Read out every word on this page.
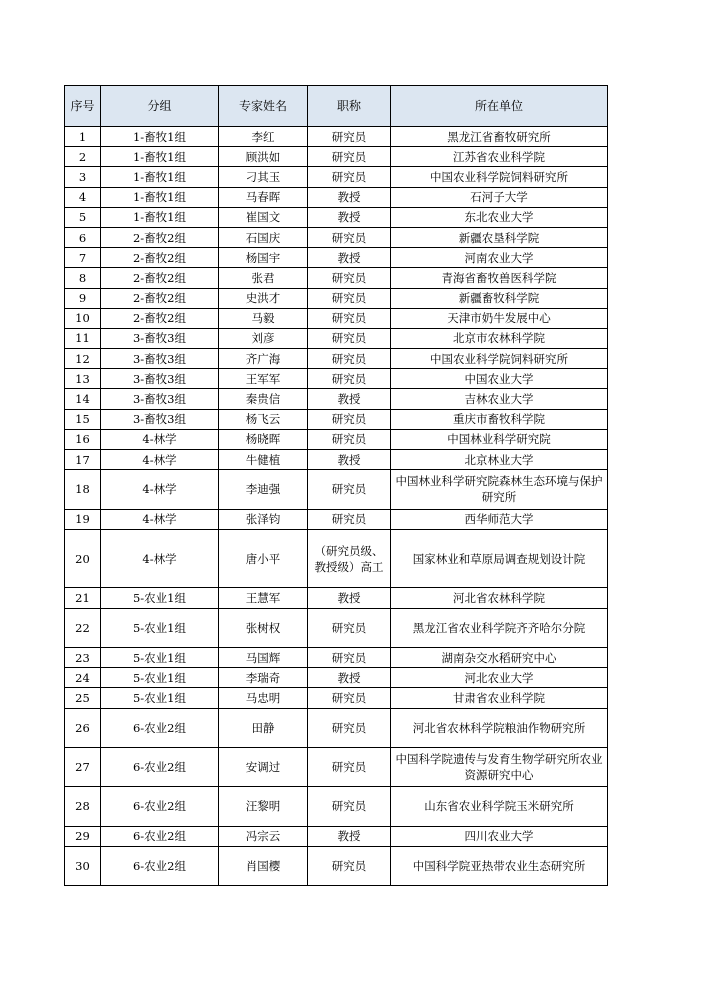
序号	分组	专家姓名	职称	所在单位
1	1-畜牧1组	李红	研究员	黑龙江省畜牧研究所
2	1-畜牧1组	顾洪如	研究员	江苏省农业科学院
3	1-畜牧1组	刁其玉	研究员	中国农业科学院饲料研究所
4	1-畜牧1组	马春晖	教授	石河子大学
5	1-畜牧1组	崔国文	教授	东北农业大学
6	2-畜牧2组	石国庆	研究员	新疆农垦科学院
7	2-畜牧2组	杨国宇	教授	河南农业大学
8	2-畜牧2组	张君	研究员	青海省畜牧兽医科学院
9	2-畜牧2组	史洪才	研究员	新疆畜牧科学院
10	2-畜牧2组	马毅	研究员	天津市奶牛发展中心
11	3-畜牧3组	刘彦	研究员	北京市农林科学院
12	3-畜牧3组	齐广海	研究员	中国农业科学院饲料研究所
13	3-畜牧3组	王军军	研究员	中国农业大学
14	3-畜牧3组	秦贵信	教授	吉林农业大学
15	3-畜牧3组	杨飞云	研究员	重庆市畜牧科学院
16	4-林学	杨晓晖	研究员	中国林业科学研究院
17	4-林学	牛健植	教授	北京林业大学
18	4-林学	李迪强	研究员	中国林业科学研究院森林生态环境与保护研究所
19	4-林学	张泽钧	研究员	西华师范大学
20	4-林学	唐小平	（研究员级、教授级）高工	国家林业和草原局调查规划设计院
21	5-农业1组	王慧军	教授	河北省农林科学院
22	5-农业1组	张树权	研究员	黑龙江省农业科学院齐齐哈尔分院
23	5-农业1组	马国辉	研究员	湖南杂交水稻研究中心
24	5-农业1组	李瑞奇	教授	河北农业大学
25	5-农业1组	马忠明	研究员	甘肃省农业科学院
26	6-农业2组	田静	研究员	河北省农林科学院粮油作物研究所
27	6-农业2组	安调过	研究员	中国科学院遗传与发育生物学研究所农业资源研究中心
28	6-农业2组	汪黎明	研究员	山东省农业科学院玉米研究所
29	6-农业2组	冯宗云	教授	四川农业大学
30	6-农业2组	肖国樱	研究员	中国科学院亚热带农业生态研究所
